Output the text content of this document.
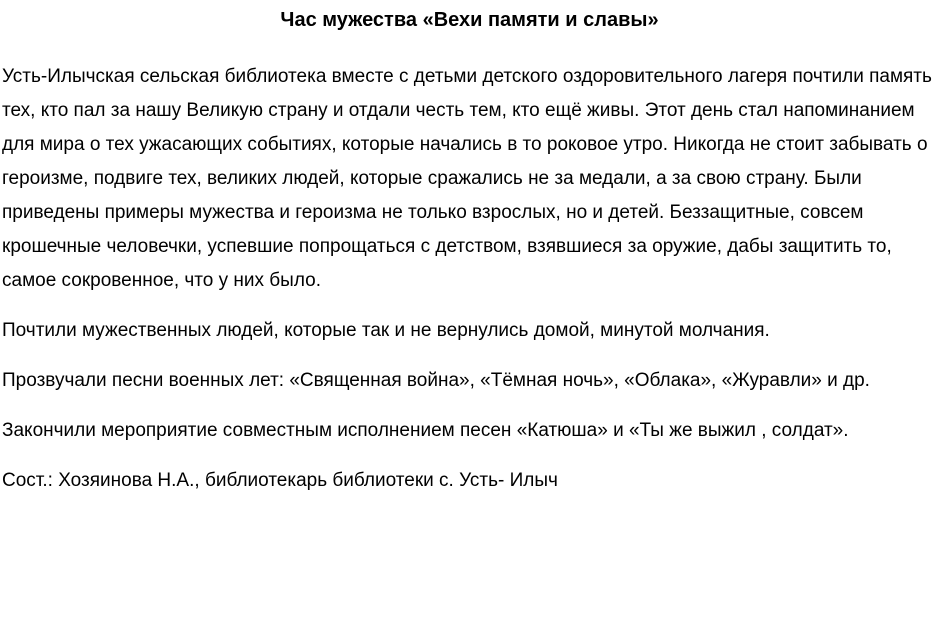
Час мужества «Вехи памяти и славы»

Усть-Илычская сельская библиотека вместе с детьми детского оздоровительного лагеря почтили память тех, кто пал за нашу Великую страну и отдали честь тем, кто ещё живы. Этот день стал напоминанием для мира о тех ужасающих событиях, которые начались в то роковое утро. Никогда не стоит забывать о героизме, подвиге тех, великих людей, которые сражались не за медали, а за свою страну. Были приведены примеры мужества и героизма не только взрослых, но и детей. Беззащитные, совсем крошечные человечки, успевшие попрощаться с детством, взявшиеся за оружие, дабы защитить то, самое сокровенное, что у них было.

Почтили мужественных людей, которые так и не вернулись домой, минутой молчания.

Прозвучали песни военных лет: «Священная война», «Тёмная ночь», «Облака», «Журавли» и др.

Закончили мероприятие совместным исполнением песен «Катюша» и «Ты же выжил , солдат».

Сост.: Хозяинова Н.А., библиотекарь библиотеки с. Усть- Илыч
